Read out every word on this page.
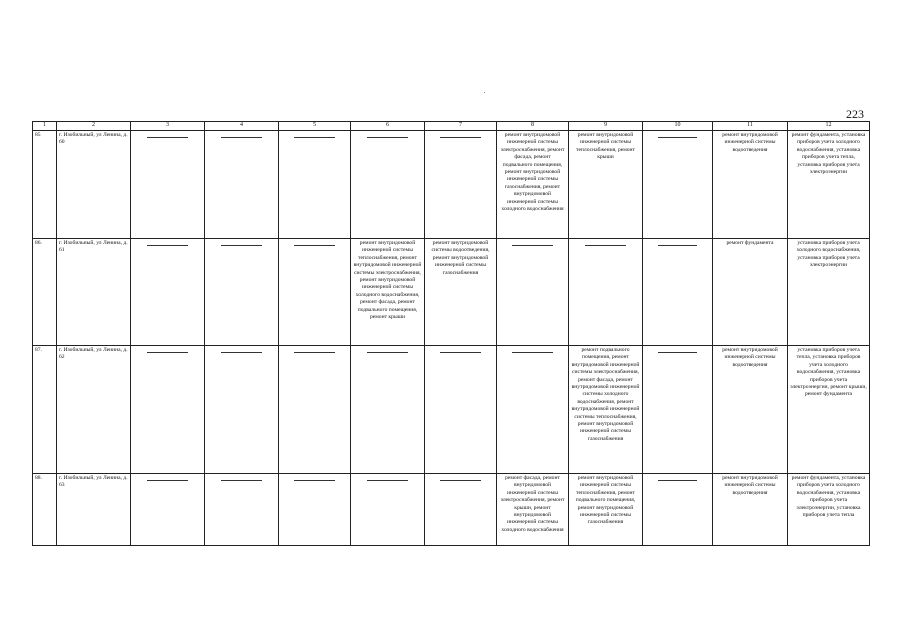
223
1	2	3	4	5	6	7	8	9	10	11	12
85	г. Изобильный, ул Ленина, д. 60						ремонт внутридомовой инженерной системы электроснабжения, ремонт фасада, ремонт подвального помещения, ремонт внутридомовой инженерной системы газоснабжения, ремонт внутридомовой инженерной системы холодного водоснабжения	ремонт внутридомовой инженерной системы теплоснабжения, ремонт крыши		ремонт внутридомовой инженерной системы водоотведения	ремонт фундамента, установка приборов учета холодного водоснабжения, установка приборов учета тепла, установка приборов учета электроэнергии
86.	г. Изобильный, ул Ленина, д. 61				ремонт внутридомовой инженерной системы теплоснабжения, ремонт внутридомовой инженерной системы электроснабжения, ремонт внутридомовой инженерной системы холодного водоснабжения, ремонт фасада, ремонт подвального помещения, ремонт крыши	ремонт внутридомовой системы водоотведения, ремонт внутридомовой инженерной системы газоснабжения				ремонт фундамента	установка приборов учета холодного водоснабжения, установка приборов учета электроэнергии
87.	г. Изобильный, ул Ленина, д. 62							ремонт подвального помещения, ремонт внутридомовой инженерной системы электроснабжения, ремонт фасада, ремонт внутридомовой инженерной системы холодного водоснабжения, ремонт внутридомовой инженерной системы теплоснабжения, ремонт внутридомовой инженерной системы газоснабжения		ремонт внутридомовой инженерной системы водоотведения	установка приборов учета тепла, установка приборов учета холодного водоснабжения, установка приборов учета электроэнергии, ремонт крыши, ремонт фундамента
88.	г. Изобильный, ул Ленина, д. 63						ремонт фасада, ремонт внутридомовой инженерной системы электроснабжения, ремонт крыши, ремонт внутридомовой инженерной системы холодного водоснабжения	ремонт внутридомовой инженерной системы теплоснабжения, ремонт подвального помещения, ремонт внутридомовой инженерной системы газоснабжения		ремонт внутридомовой инженерной системы водоотведения	ремонт фундамента, установка приборов учета холодного водоснабжения, установка приборов учета электроэнергии, установка приборов учета тепла
